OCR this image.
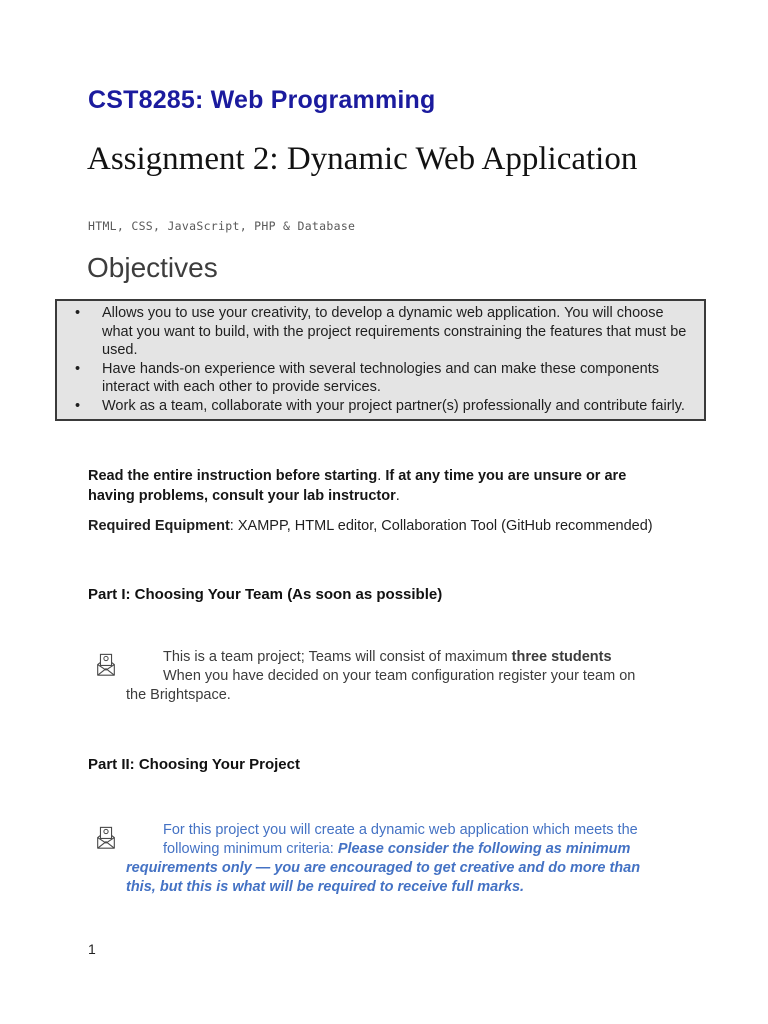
CST8285: Web Programming
Assignment 2: Dynamic Web Application
HTML, CSS, JavaScript, PHP & Database
Objectives
• Allows you to use your creativity, to develop a dynamic web application. You will choose what you want to build, with the project requirements constraining the features that must be used.
• Have hands-on experience with several technologies and can make these components interact with each other to provide services.
• Work as a team, collaborate with your project partner(s) professionally and contribute fairly.

Read the entire instruction before starting. If at any time you are unsure or are having problems, consult your lab instructor.

Required Equipment: XAMPP, HTML editor, Collaboration Tool (GitHub recommended)

Part I: Choosing Your Team (As soon as possible)
This is a team project; Teams will consist of maximum three students
When you have decided on your team configuration register your team on
the Brightspace.
Part II: Choosing Your Project
For this project you will create a dynamic web application which meets the
following minimum criteria: Please consider the following as minimum
requirements only — you are encouraged to get creative and do more than
this, but this is what will be required to receive full marks.
1
